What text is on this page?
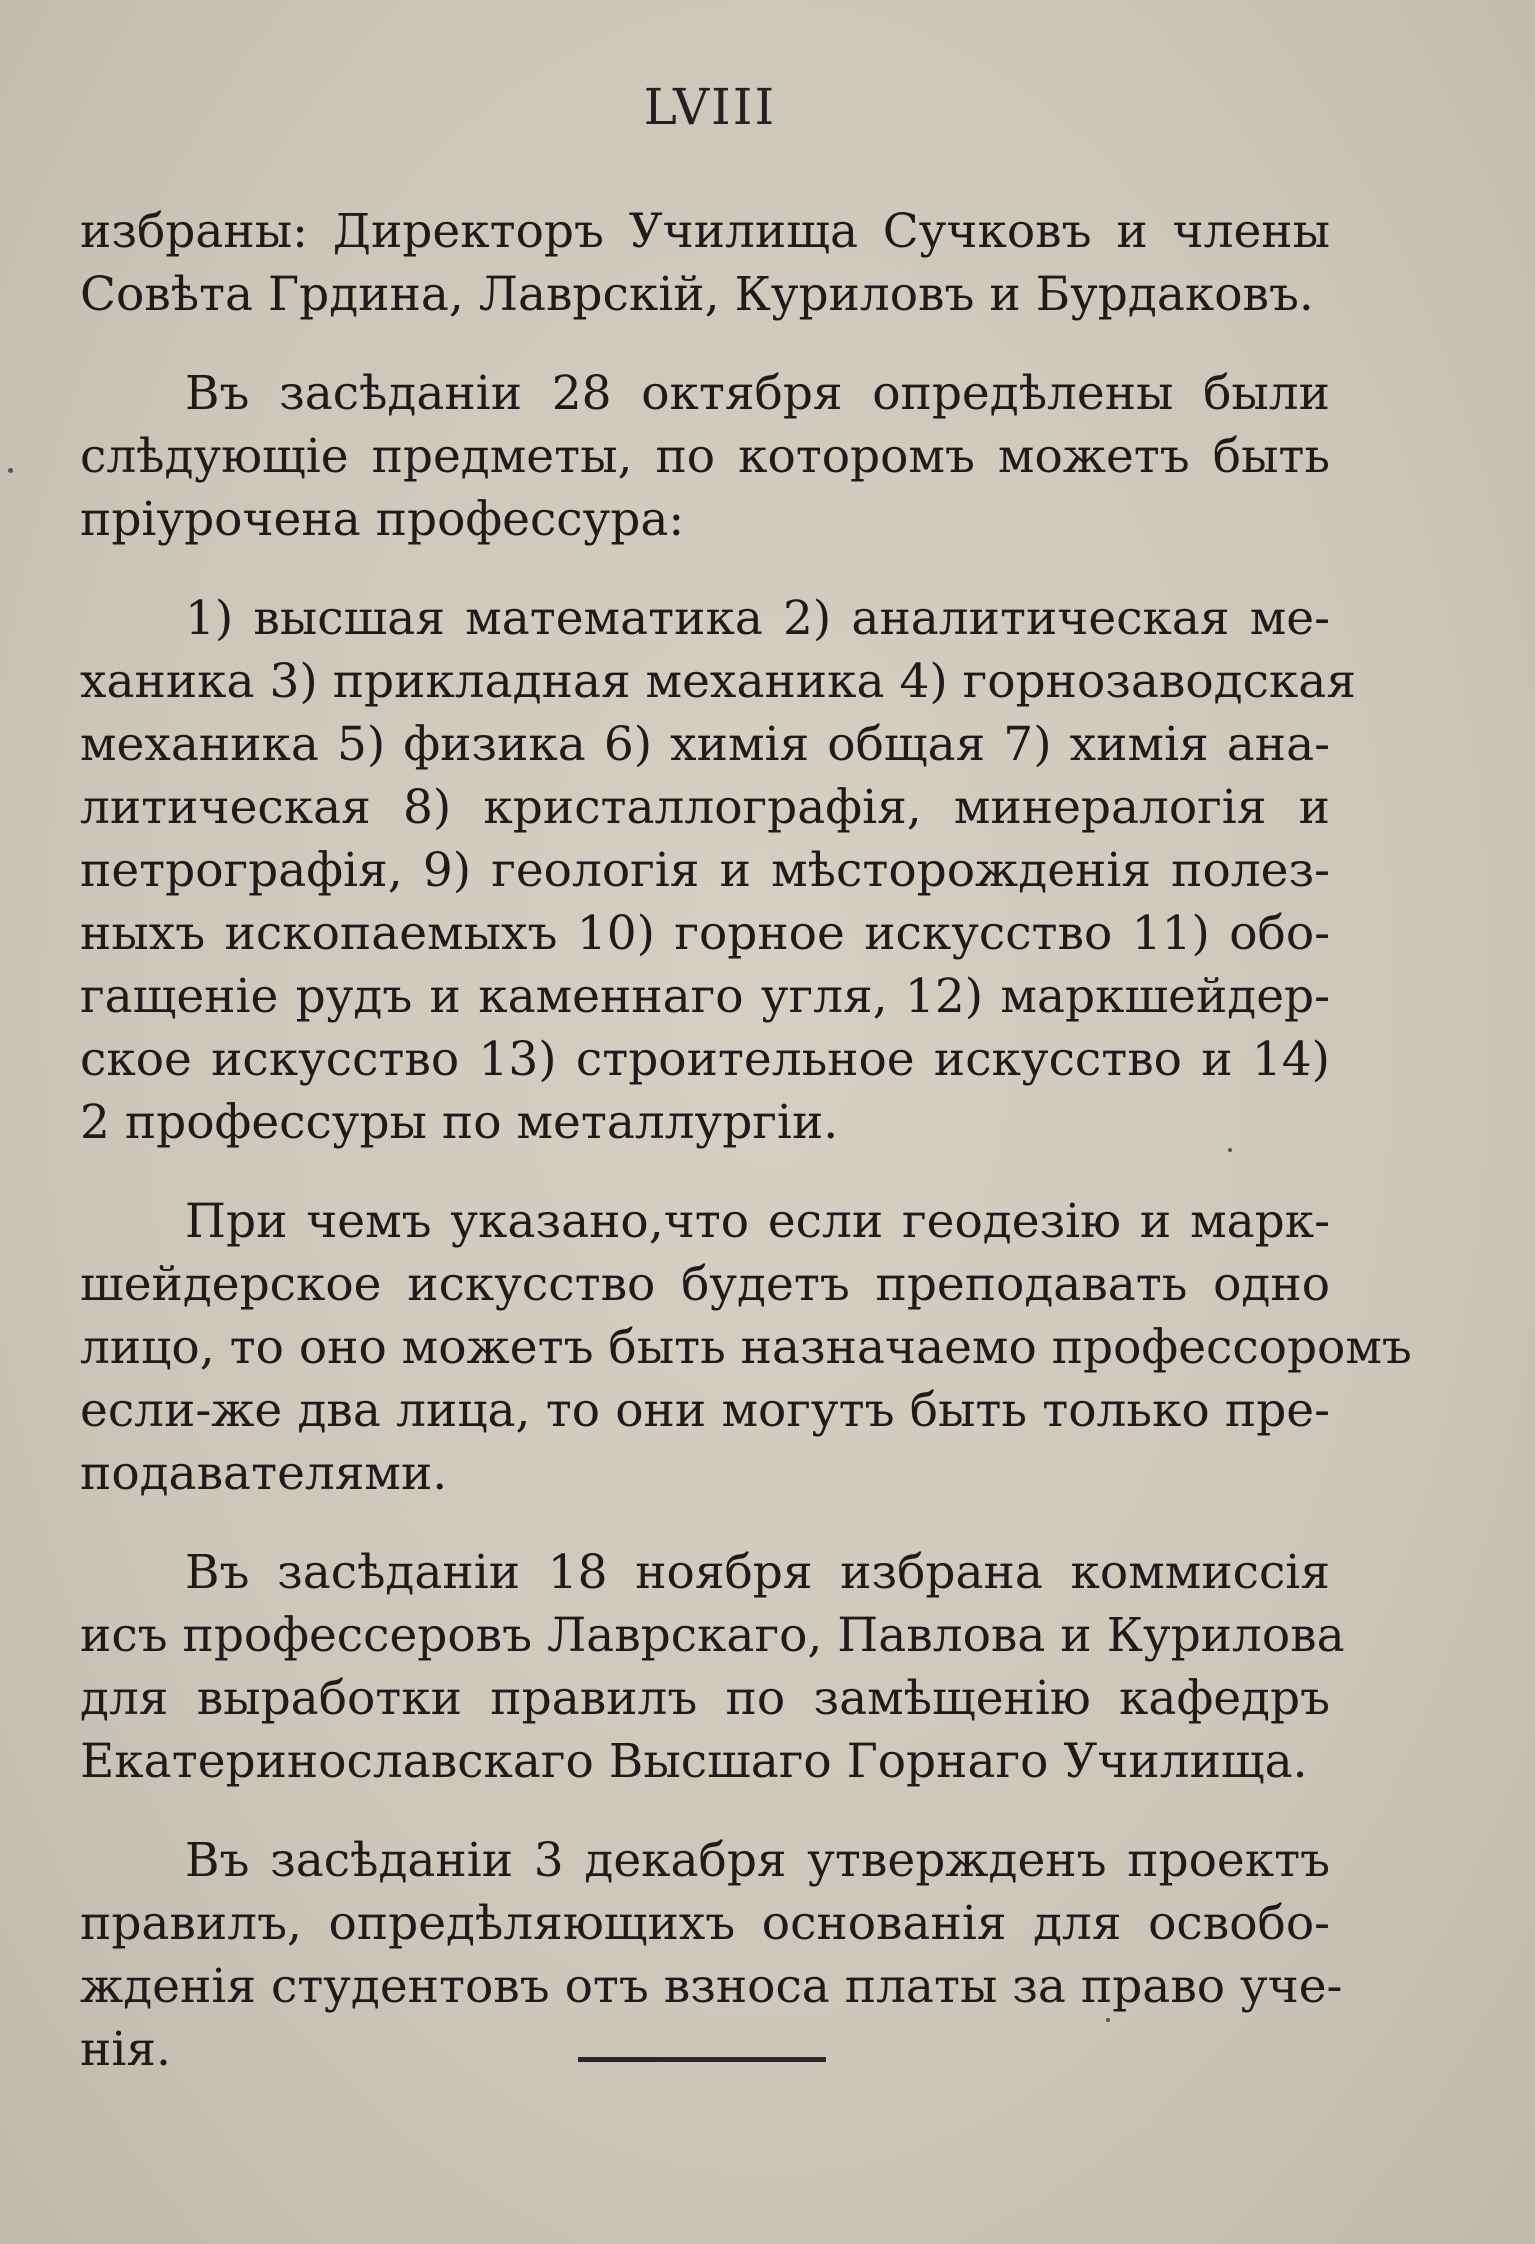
LVIII
избраны: Директоръ Училища Сучковъ и члены
Совѣта Грдина, Лаврскій, Куриловъ и Бурдаковъ.
Въ засѣданіи 28 октября опредѣлены были
слѣдующіе предметы, по которомъ можетъ быть
пріурочена профессура:
1) высшая математика 2) аналитическая ме-
ханика 3) прикладная механика 4) горнозаводская
механика 5) физика 6) химія общая 7) химія ана-
литическая 8) кристаллографія, минералогія и
петрографія, 9) геологія и мѣсторожденія полез-
ныхъ ископаемыхъ 10) горное искусство 11) обо-
гащеніе рудъ и каменнаго угля, 12) маркшейдер-
ское искусство 13) строительное искусство и 14)
2 профессуры по металлургіи.
При чемъ указано,что если геодезію и марк-
шейдерское искусство будетъ преподавать одно
лицо, то оно можетъ быть назначаемо профессоромъ
если-же два лица, то они могутъ быть только пре-
подавателями.
Въ засѣданіи 18 ноября избрана коммиссія
исъ профессеровъ Лаврскаго, Павлова и Курилова
для выработки правилъ по замѣщенію кафедръ
Екатеринославскаго Высшаго Горнаго Училища.
Въ засѣданіи 3 декабря утвержденъ проектъ
правилъ, опредѣляющихъ основанія для освобо-
жденія студентовъ отъ взноса платы за право уче-
нія.
